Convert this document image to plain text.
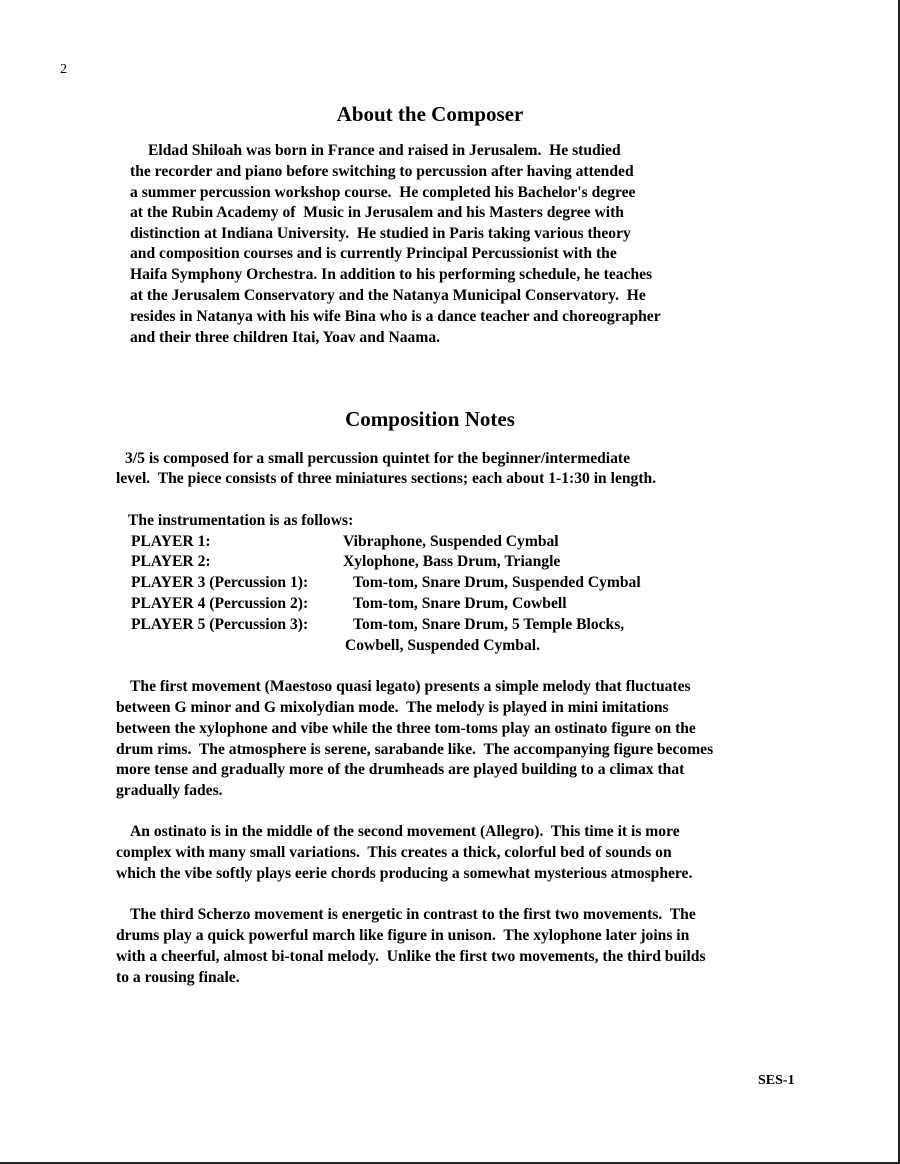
2
About the Composer
Eldad Shiloah was born in France and raised in Jerusalem.  He studied
the recorder and piano before switching to percussion after having attended
a summer percussion workshop course.  He completed his Bachelor's degree
at the Rubin Academy of  Music in Jerusalem and his Masters degree with
distinction at Indiana University.  He studied in Paris taking various theory
and composition courses and is currently Principal Percussionist with the
Haifa Symphony Orchestra. In addition to his performing schedule, he teaches
at the Jerusalem Conservatory and the Natanya Municipal Conservatory.  He
resides in Natanya with his wife Bina who is a dance teacher and choreographer
and their three children Itai, Yoav and Naama.
Composition Notes
3/5 is composed for a small percussion quintet for the beginner/intermediate
level.  The piece consists of three miniatures sections; each about 1-1:30 in length.
The instrumentation is as follows:
PLAYER 1:	Vibraphone, Suspended Cymbal
PLAYER 2:	Xylophone, Bass Drum, Triangle
PLAYER 3 (Percussion 1):	Tom-tom, Snare Drum, Suspended Cymbal
PLAYER 4 (Percussion 2):	Tom-tom, Snare Drum, Cowbell
PLAYER 5 (Percussion 3):	Tom-tom, Snare Drum, 5 Temple Blocks,
Cowbell, Suspended Cymbal.
The first movement (Maestoso quasi legato) presents a simple melody that fluctuates
between G minor and G mixolydian mode.  The melody is played in mini imitations
between the xylophone and vibe while the three tom-toms play an ostinato figure on the
drum rims.  The atmosphere is serene, sarabande like.  The accompanying figure becomes
more tense and gradually more of the drumheads are played building to a climax that
gradually fades.
An ostinato is in the middle of the second movement (Allegro).  This time it is more
complex with many small variations.  This creates a thick, colorful bed of sounds on
which the vibe softly plays eerie chords producing a somewhat mysterious atmosphere.
The third Scherzo movement is energetic in contrast to the first two movements.  The
drums play a quick powerful march like figure in unison.  The xylophone later joins in
with a cheerful, almost bi-tonal melody.  Unlike the first two movements, the third builds
to a rousing finale.
SES-1
